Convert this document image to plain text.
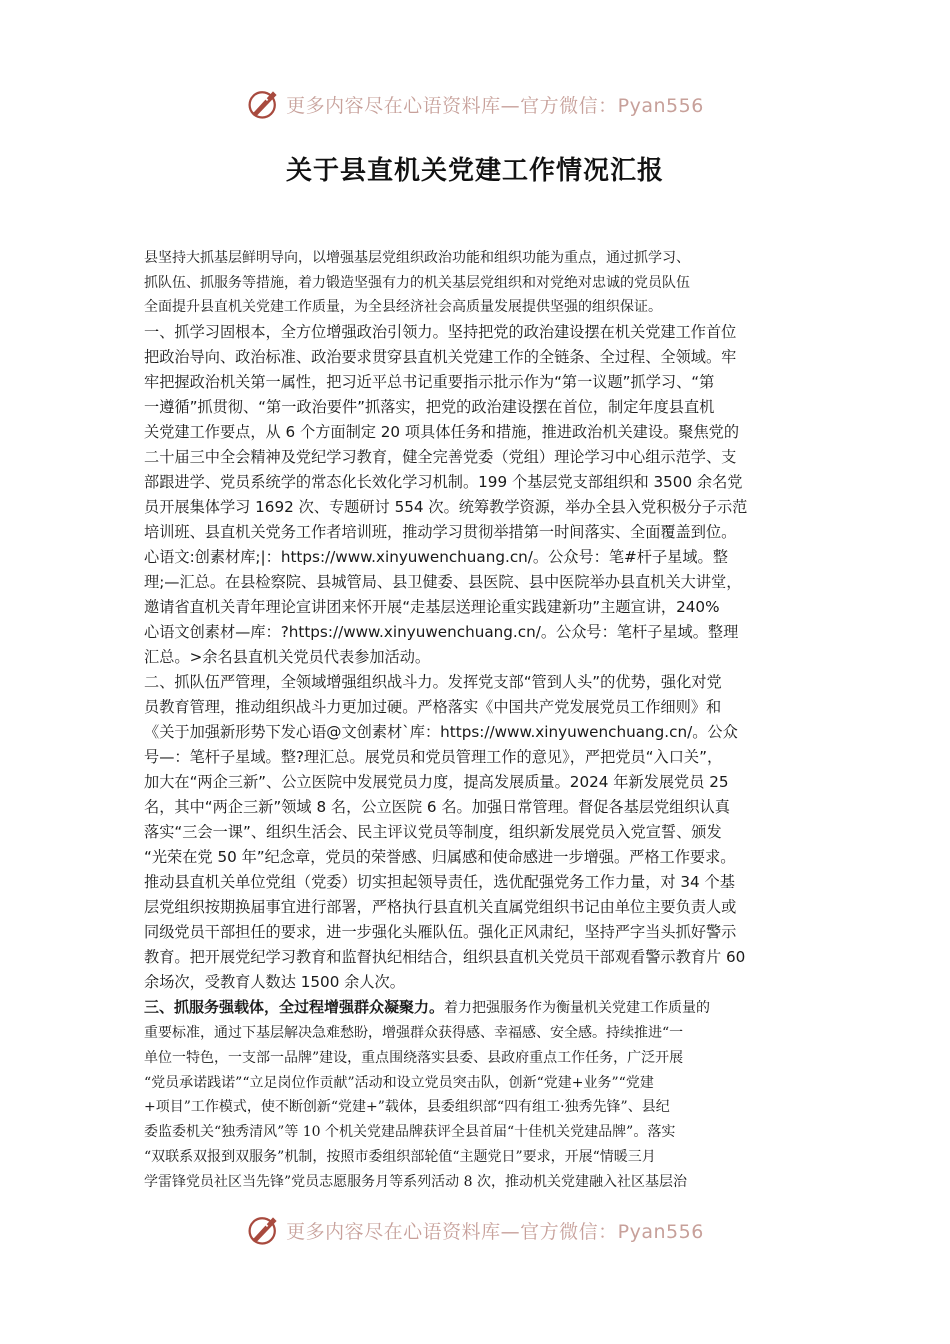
更多内容尽在心语资料库—官方微信：Pyan556
关于县直机关党建工作情况汇报

县坚持大抓基层鲜明导向，以增强基层党组织政治功能和组织功能为重点，通过抓学习、
抓队伍、抓服务等措施，着力锻造坚强有力的机关基层党组织和对党绝对忠诚的党员队伍
全面提升县直机关党建工作质量，为全县经济社会高质量发展提供坚强的组织保证。

一、抓学习固根本，全方位增强政治引领力。坚持把党的政治建设摆在机关党建工作首位
把政治导向、政治标准、政治要求贯穿县直机关党建工作的全链条、全过程、全领域。牢
牢把握政治机关第一属性，把习近平总书记重要指示批示作为“第一议题”抓学习、“第
一遵循”抓贯彻、“第一政治要件”抓落实，把党的政治建设摆在首位，制定年度县直机
关党建工作要点，从 6 个方面制定 20 项具体任务和措施，推进政治机关建设。聚焦党的
二十届三中全会精神及党纪学习教育，健全完善党委（党组）理论学习中心组示范学、支
部跟进学、党员系统学的常态化长效化学习机制。199 个基层党支部组织和 3500 余名党
员开展集体学习 1692 次、专题研讨 554 次。统筹教学资源，举办全县入党积极分子示范
培训班、县直机关党务工作者培训班，推动学习贯彻举措第一时间落实、全面覆盖到位。
心语文:创素材库;|：https://www.xinyuwenchuang.cn/。公众号：笔#杆子星域。整
理;—汇总。在县检察院、县城管局、县卫健委、县医院、县中医院举办县直机关大讲堂，
邀请省直机关青年理论宣讲团来怀开展“走基层送理论重实践建新功”主题宣讲，240%
心语文创素材—库：?https://www.xinyuwenchuang.cn/。公众号：笔杆子星域。整理
汇总。>余名县直机关党员代表参加活动。

二、抓队伍严管理，全领域增强组织战斗力。发挥党支部“管到人头”的优势，强化对党
员教育管理，推动组织战斗力更加过硬。严格落实《中国共产党发展党员工作细则》和
《关于加强新形势下发心语@文创素材`库：https://www.xinyuwenchuang.cn/。公众
号—：笔杆子星域。整?理汇总。展党员和党员管理工作的意见》，严把党员“入口关”，
加大在“两企三新”、公立医院中发展党员力度，提高发展质量。2024 年新发展党员 25
名，其中“两企三新”领域 8 名，公立医院 6 名。加强日常管理。督促各基层党组织认真
落实“三会一课”、组织生活会、民主评议党员等制度，组织新发展党员入党宣誓、颁发
“光荣在党 50 年”纪念章，党员的荣誉感、归属感和使命感进一步增强。严格工作要求。
推动县直机关单位党组（党委）切实担起领导责任，选优配强党务工作力量，对 34 个基
层党组织按期换届事宜进行部署，严格执行县直机关直属党组织书记由单位主要负责人或
同级党员干部担任的要求，进一步强化头雁队伍。强化正风肃纪，坚持严字当头抓好警示
教育。把开展党纪学习教育和监督执纪相结合，组织县直机关党员干部观看警示教育片 60
余场次，受教育人数达 1500 余人次。

三、抓服务强载体，全过程增强群众凝聚力。着力把强服务作为衡量机关党建工作质量的
重要标准，通过下基层解决急难愁盼，增强群众获得感、幸福感、安全感。持续推进“一
单位一特色，一支部一品牌”建设，重点围绕落实县委、县政府重点工作任务，广泛开展
“党员承诺践诺”“立足岗位作贡献”活动和设立党员突击队，创新“党建+业务”“党建
+项目”工作模式，使不断创新“党建+”载体，县委组织部“四有组工·独秀先锋”、县纪
委监委机关“独秀清风”等 10 个机关党建品牌获评全县首届“十佳机关党建品牌”。落实
“双联系双报到双服务”机制，按照市委组织部轮值“主题党日”要求，开展“情暖三月
学雷锋党员社区当先锋”党员志愿服务月等系列活动 8 次，推动机关党建融入社区基层治

更多内容尽在心语资料库—官方微信：Pyan556
